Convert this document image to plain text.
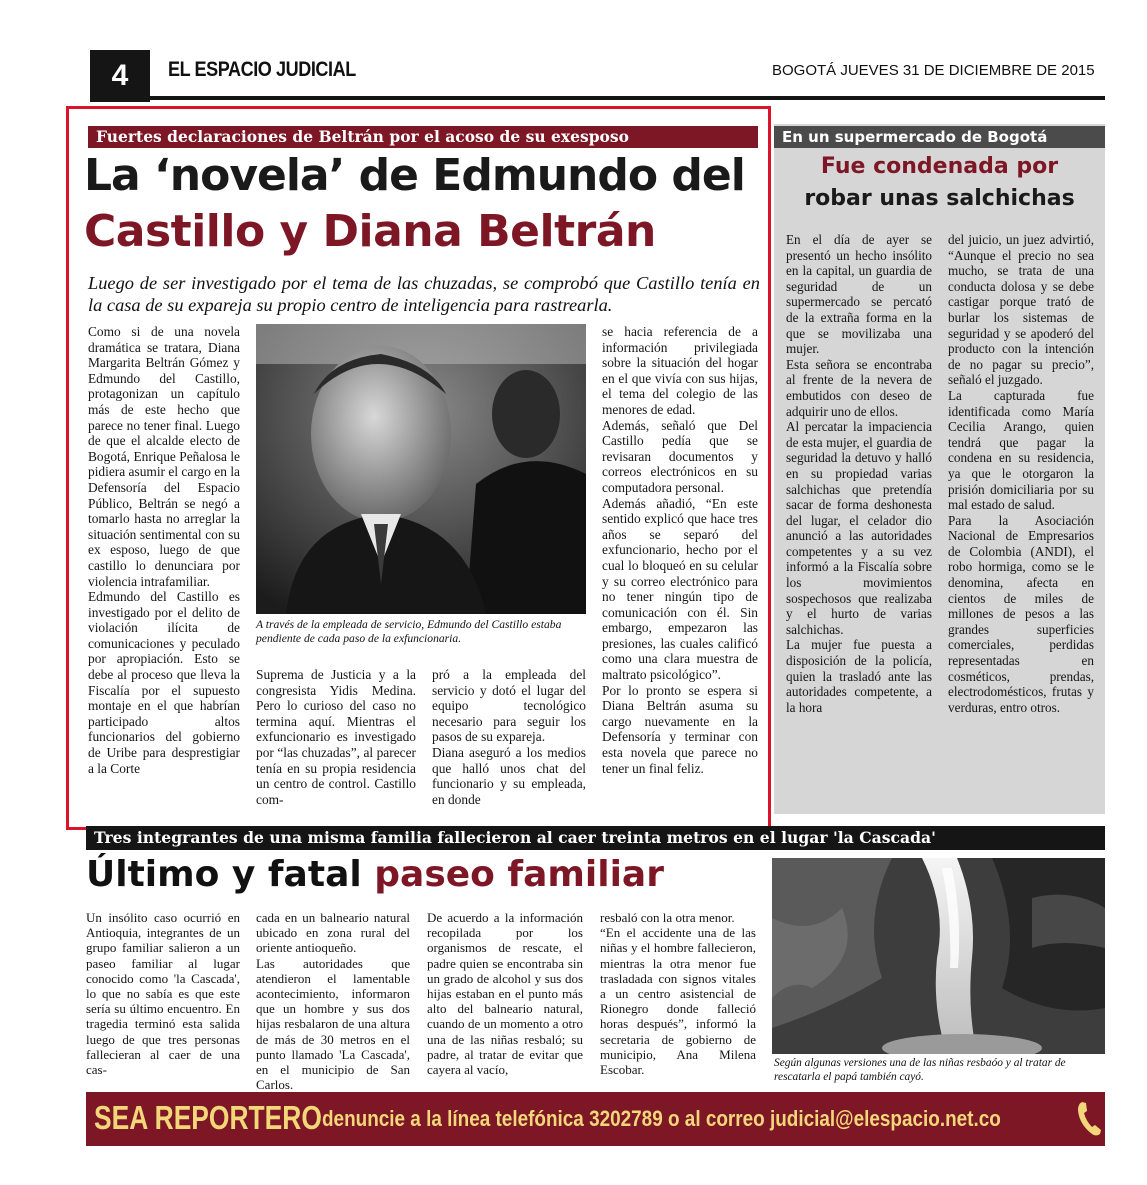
4	EL ESPACIO JUDICIAL	BOGOTÁ JUEVES 31 DE DICIEMBRE DE 2015
Fuertes declaraciones de Beltrán por el acoso de su exesposo
La ‘novela’ de Edmundo del
Castillo y Diana Beltrán
Luego de ser investigado por el tema de las chuzadas, se comprobó que Castillo tenía en la casa de su expareja su propio centro de inteligencia para rastrearla.

Como si de una novela dramática se tratara, Diana Margarita Beltrán Gómez y Edmundo del Castillo, protagonizan un capítulo más de este hecho que parece no tener final. Luego de que el alcalde electo de Bogotá, Enrique Peñalosa le pidiera asumir el cargo en la Defensoría del Espacio Público, Beltrán se negó a tomarlo hasta no arreglar la situación sentimental con su ex esposo, luego de que castillo lo denunciara por violencia intrafamiliar.

Edmundo del Castillo es investigado por el delito de violación ilícita de comunicaciones y peculado por apropiación. Esto se debe al proceso que lleva la Fiscalía por el supuesto montaje en el que habrían participado altos funcionarios del gobierno de Uribe para desprestigiar a la Corte

A través de la empleada de servicio, Edmundo del Castillo estaba pendiente de cada paso de la exfuncionaria.

Suprema de Justicia y a la congresista Yidis Medina. Pero lo curioso del caso no termina aquí. Mientras el exfuncionario es investigado por “las chuzadas”, al parecer tenía en su propia residencia un centro de control. Castillo com-

pró a la empleada del servicio y dotó el lugar del equipo tecnológico necesario para seguir los pasos de su expareja.

Diana aseguró a los medios que halló unos chat del funcionario y su empleada, en donde

se hacia referencia de a información privilegiada sobre la situación del hogar en el que vivía con sus hijas, el tema del colegio de las menores de edad.

Además, señaló que Del Castillo pedía que se revisaran documentos y correos electrónicos en su computadora personal.

Además añadió, “En este sentido explicó que hace tres años se separó del exfuncionario, hecho por el cual lo bloqueó en su celular y su correo electrónico para no tener ningún tipo de comunicación con él. Sin embargo, empezaron las presiones, las cuales calificó como una clara muestra de maltrato psicológico”.

Por lo pronto se espera si Diana Beltrán asuma su cargo nuevamente en la Defensoría y terminar con esta novela que parece no tener un final feliz.

En un supermercado de Bogotá
Fue condenada por
robar unas salchichas

En el día de ayer se presentó un hecho insólito en la capital, un guardia de seguridad de un supermercado se percató de la extraña forma en la que se movilizaba una mujer.

Esta señora se encontraba al frente de la nevera de embutidos con deseo de adquirir uno de ellos.

Al percatar la impaciencia de esta mujer, el guardia de seguridad la detuvo y halló en su propiedad varias salchichas que pretendía sacar de forma deshonesta del lugar, el celador dio anunció a las autoridades competentes y a su vez informó a la Fiscalía sobre los movimientos sospechosos que realizaba y el hurto de varias salchichas.

La mujer fue puesta a disposición de la policía, quien la trasladó ante las autoridades competente, a la hora

del juicio, un juez advirtió, “Aunque el precio no sea mucho, se trata de una conducta dolosa y se debe castigar porque trató de burlar los sistemas de seguridad y se apoderó del producto con la intención de no pagar su precio”, señaló el juzgado.

La capturada fue identificada como María Cecilia Arango, quien tendrá que pagar la condena en su residencia, ya que le otorgaron la prisión domiciliaria por su mal estado de salud.

Para la Asociación Nacional de Empresarios de Colombia (ANDI), el robo hormiga, como se le denomina, afecta en cientos de miles de millones de pesos a las grandes superficies comerciales, perdidas representadas en cosméticos, prendas, electrodomésticos, frutas y verduras, entro otros.

Tres integrantes de una misma familia fallecieron al caer treinta metros en el lugar 'la Cascada'
Último y fatal paseo familiar

Un insólito caso ocurrió en Antioquia, integrantes de un grupo familiar salieron a un paseo familiar al lugar conocido como 'la Cascada', lo que no sabía es que este sería su último encuentro. En tragedia terminó esta salida luego de que tres personas fallecieran al caer de una cas-

cada en un balneario natural ubicado en zona rural del oriente antioqueño.

Las autoridades que atendieron el lamentable acontecimiento, informaron que un hombre y sus dos hijas resbalaron de una altura de más de 30 metros en el punto llamado 'La Cascada', en el municipio de San Carlos.

De acuerdo a la información recopilada por los organismos de rescate, el padre quien se encontraba sin un grado de alcohol y sus dos hijas estaban en el punto más alto del balneario natural, cuando de un momento a otro una de las niñas resbaló; su padre, al tratar de evitar que cayera al vacío,

resbaló con la otra menor.

“En el accidente una de las niñas y el hombre fallecieron, mientras la otra menor fue trasladada con signos vitales a un centro asistencial de Rionegro donde falleció horas después”, informó la secretaria de gobierno de municipio, Ana Milena Escobar.	Según algunas versiones una de las niñas resbaóo y al tratar de rescatarla el papá también cayó.
SEA REPORTERO denuncie a la línea telefónica 3202789 o al correo judicial@elespacio.net.co
